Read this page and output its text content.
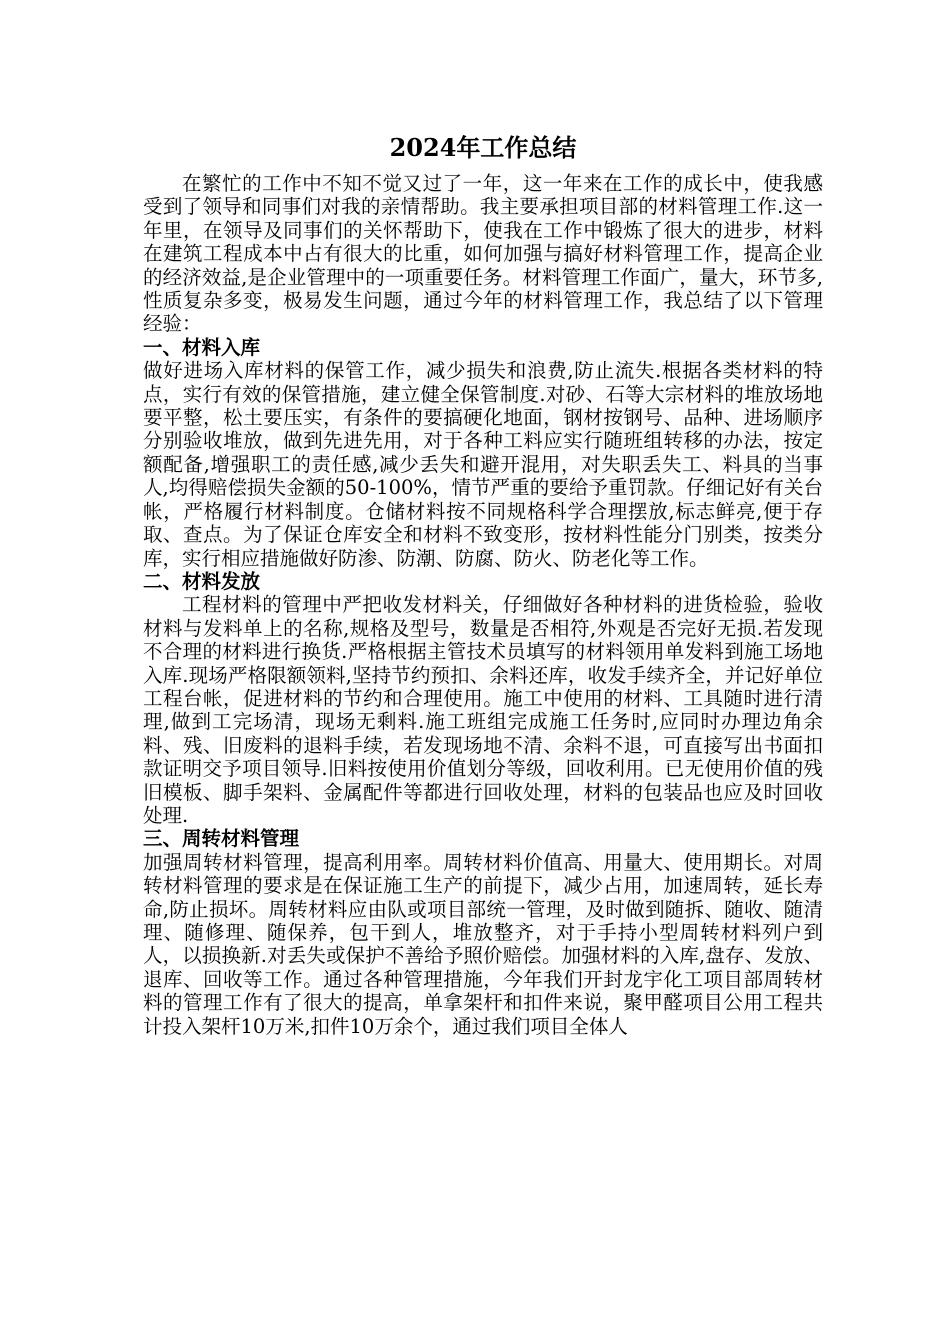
2024年工作总结

在繁忙的工作中不知不觉又过了一年，这一年来在工作的成长中，使我感受到了领导和同事们对我的亲情帮助。我主要承担项目部的材料管理工作.这一年里，在领导及同事们的关怀帮助下，使我在工作中锻炼了很大的进步，材料在建筑工程成本中占有很大的比重，如何加强与搞好材料管理工作，提高企业的经济效益,是企业管理中的一项重要任务。材料管理工作面广，量大，环节多,性质复杂多变，极易发生问题，通过今年的材料管理工作，我总结了以下管理经验：

一、材料入库

做好进场入库材料的保管工作，减少损失和浪费,防止流失.根据各类材料的特点，实行有效的保管措施，建立健全保管制度.对砂、石等大宗材料的堆放场地要平整，松土要压实，有条件的要搞硬化地面，钢材按钢号、品种、进场顺序分别验收堆放，做到先进先用，对于各种工料应实行随班组转移的办法，按定额配备,增强职工的责任感,减少丢失和避开混用，对失职丢失工、料具的当事人,均得赔偿损失金额的50-100%，情节严重的要给予重罚款。仔细记好有关台帐，严格履行材料制度。仓储材料按不同规格科学合理摆放,标志鲜亮,便于存取、查点。为了保证仓库安全和材料不致变形，按材料性能分门别类，按类分库，实行相应措施做好防渗、防潮、防腐、防火、防老化等工作。

二、材料发放

工程材料的管理中严把收发材料关，仔细做好各种材料的进货检验，验收材料与发料单上的名称,规格及型号，数量是否相符,外观是否完好无损.若发现不合理的材料进行换货.严格根据主管技术员填写的材料领用单发料到施工场地入库.现场严格限额领料,坚持节约预扣、余料还库，收发手续齐全，并记好单位工程台帐，促进材料的节约和合理使用。施工中使用的材料、工具随时进行清理,做到工完场清，现场无剩料.施工班组完成施工任务时,应同时办理边角余料、残、旧废料的退料手续，若发现场地不清、余料不退，可直接写出书面扣款证明交予项目领导.旧料按使用价值划分等级，回收利用。已无使用价值的残旧模板、脚手架料、金属配件等都进行回收处理，材料的包装品也应及时回收处理.

三、周转材料管理

加强周转材料管理，提高利用率。周转材料价值高、用量大、使用期长。对周转材料管理的要求是在保证施工生产的前提下，减少占用，加速周转，延长寿命,防止损坏。周转材料应由队或项目部统一管理，及时做到随拆、随收、随清理、随修理、随保养，包干到人，堆放整齐，对于手持小型周转材料列户到人，以损换新.对丢失或保护不善给予照价赔偿。加强材料的入库,盘存、发放、退库、回收等工作。通过各种管理措施，今年我们开封龙宇化工项目部周转材料的管理工作有了很大的提高，单拿架杆和扣件来说，聚甲醛项目公用工程共计投入架杆10万米,扣件10万余个，通过我们项目全体人
